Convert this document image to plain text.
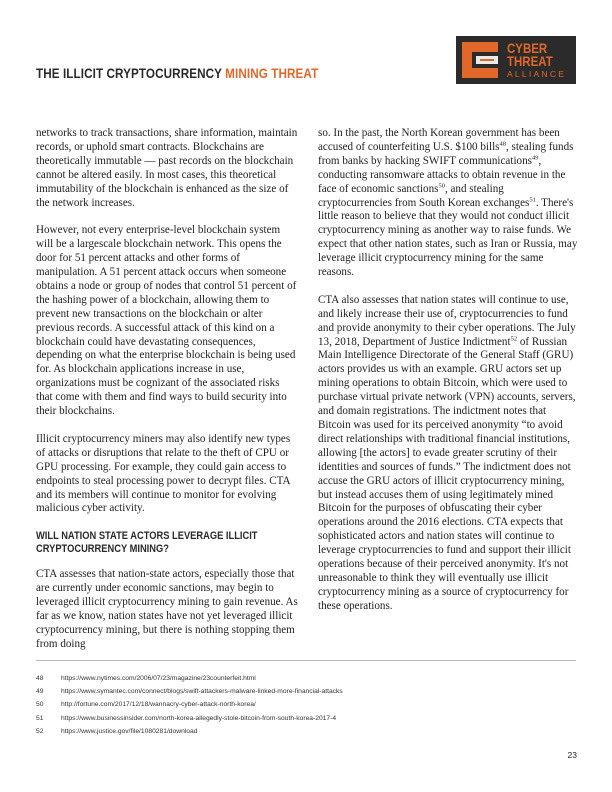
THE ILLICIT CRYPTOCURRENCY MINING THREAT
CYBER
THREAT
ALLIANCE

networks to track transactions, share information, maintain records, or uphold smart contracts. Blockchains are theoretically immutable — past records on the blockchain cannot be altered easily. In most cases, this theoretical immutability of the blockchain is enhanced as the size of the network increases.

However, not every enterprise-level blockchain system will be a largescale blockchain network. This opens the door for 51 percent attacks and other forms of manipulation. A 51 percent attack occurs when someone obtains a node or group of nodes that control 51 percent of the hashing power of a blockchain, allowing them to prevent new transactions on the blockchain or alter previous records. A successful attack of this kind on a blockchain could have devastating consequences, depending on what the enterprise blockchain is being used for. As blockchain applications increase in use, organizations must be cognizant of the associated risks that come with them and find ways to build security into their blockchains.

Illicit cryptocurrency miners may also identify new types of attacks or disruptions that relate to the theft of CPU or GPU processing. For example, they could gain access to endpoints to steal processing power to decrypt files. CTA and its members will continue to monitor for evolving malicious cyber activity.

WILL NATION STATE ACTORS LEVERAGE ILLICIT
CRYPTOCURRENCY MINING?

CTA assesses that nation-state actors, especially those that are currently under economic sanctions, may begin to leveraged illicit cryptocurrency mining to gain revenue. As far as we know, nation states have not yet leveraged illicit cryptocurrency mining, but there is nothing stopping them from doing

so. In the past, the North Korean government has been accused of counterfeiting U.S. $100 bills$^{48}$, stealing funds from banks by hacking SWIFT communications$^{49}$, conducting ransomware attacks to obtain revenue in the face of economic sanctions$^{50}$, and stealing cryptocurrencies from South Korean exchanges$^{51}$. There's little reason to believe that they would not conduct illicit cryptocurrency mining as another way to raise funds. We expect that other nation states, such as Iran or Russia, may leverage illicit cryptocurrency mining for the same reasons.

CTA also assesses that nation states will continue to use, and likely increase their use of, cryptocurrencies to fund and provide anonymity to their cyber operations. The July 13, 2018, Department of Justice Indictment$^{52}$ of Russian Main Intelligence Directorate of the General Staff (GRU) actors provides us with an example. GRU actors set up mining operations to obtain Bitcoin, which were used to purchase virtual private network (VPN) accounts, servers, and domain registrations. The indictment notes that Bitcoin was used for its perceived anonymity “to avoid direct relationships with traditional financial institutions, allowing [the actors] to evade greater scrutiny of their identities and sources of funds.” The indictment does not accuse the GRU actors of illicit cryptocurrency mining, but instead accuses them of using legitimately mined Bitcoin for the purposes of obfuscating their cyber operations around the 2016 elections. CTA expects that sophisticated actors and nation states will continue to leverage cryptocurrencies to fund and support their illicit operations because of their perceived anonymity. It's not unreasonable to think they will eventually use illicit cryptocurrency mining as a source of cryptocurrency for these operations.

48	https://www.nytimes.com/2006/07/23/magazine/23counterfeit.html
49	https://www.symantec.com/connect/blogs/swift-attackers-malware-linked-more-financial-attacks
50	http://fortune.com/2017/12/18/wannacry-cyber-attack-north-korea/
51	https://www.businessinsider.com/north-korea-allegedly-stole-bitcoin-from-south-korea-2017-4
52	https://www.justice.gov/file/1080281/download
23
